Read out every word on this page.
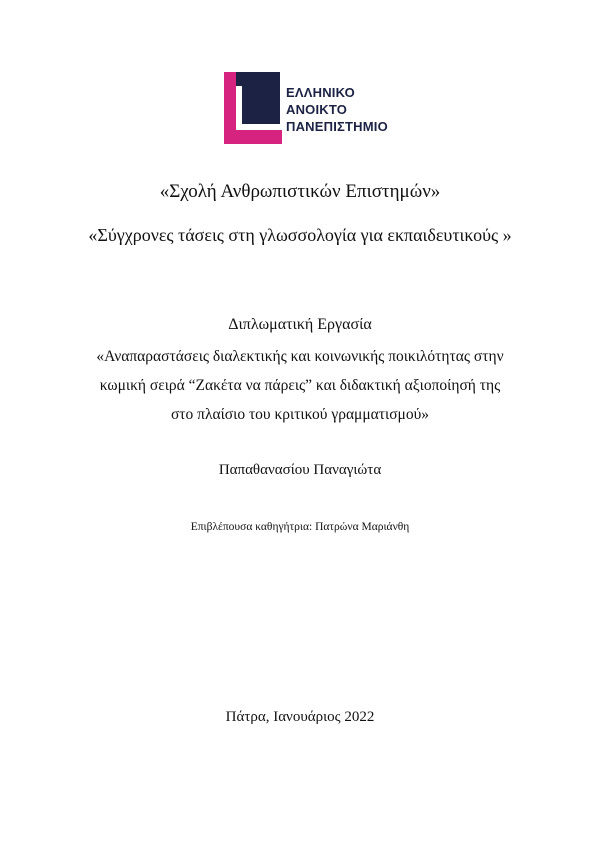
ΕΛΛΗΝΙΚΟ
ΑΝΟΙΚΤΟ
ΠΑΝΕΠΙΣΤΗΜΙΟ
«Σχολή Ανθρωπιστικών Επιστημών»
«Σύγχρονες τάσεις στη γλωσσολογία για εκπαιδευτικούς »
Διπλωματική Εργασία
«Αναπαραστάσεις διαλεκτικής και κοινωνικής ποικιλότητας στην
κωμική σειρά “Ζακέτα να πάρεις” και διδακτική αξιοποίησή της
στο πλαίσιο του κριτικού γραμματισμού»
Παπαθανασίου Παναγιώτα
Επιβλέπουσα καθηγήτρια: Πατρώνα Μαριάνθη
Πάτρα, Ιανουάριος 2022
